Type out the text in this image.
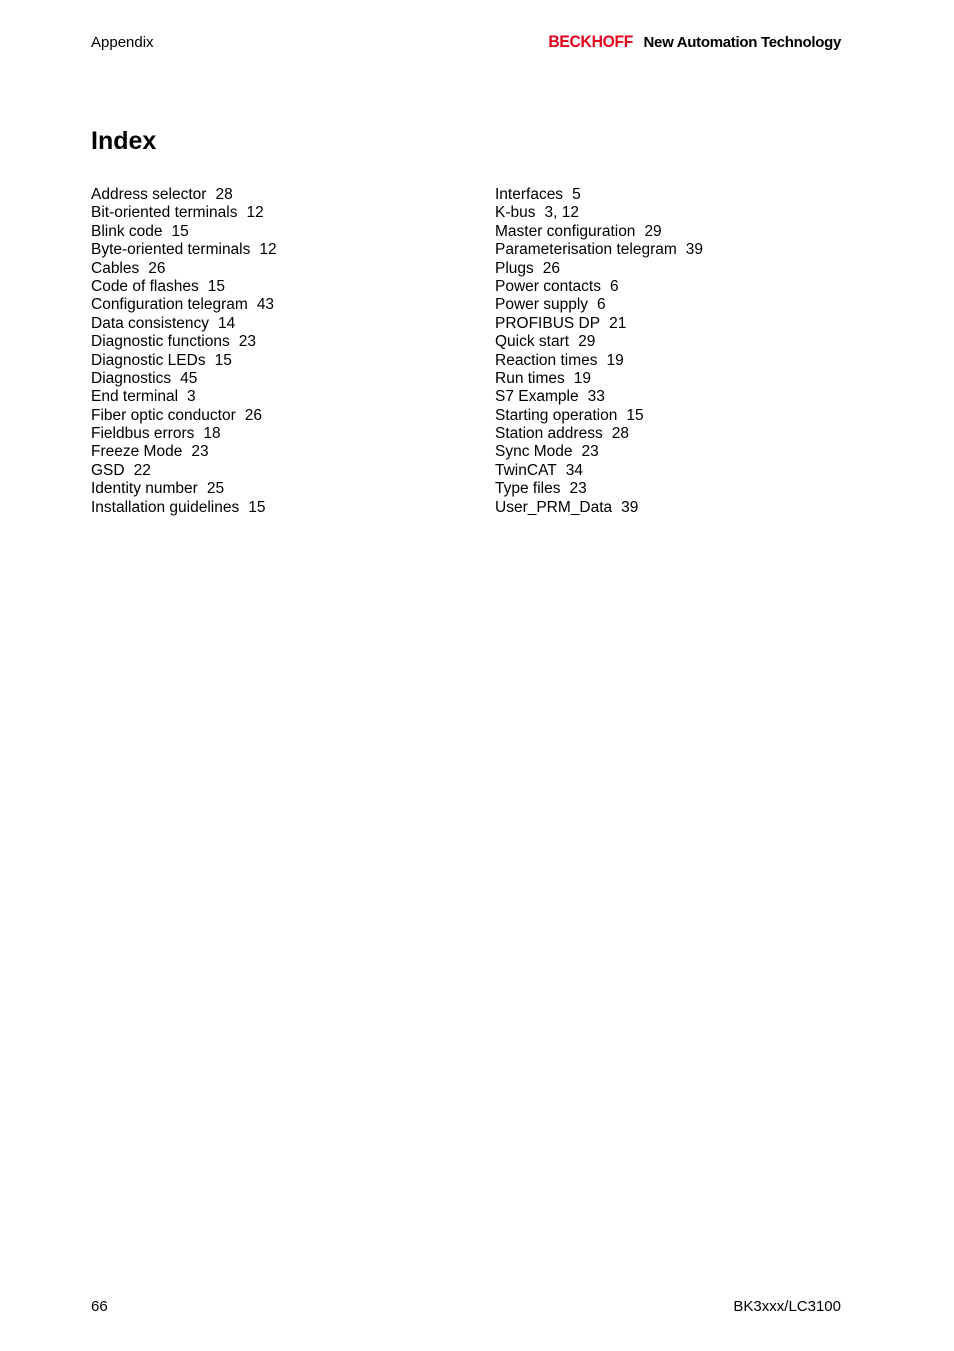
Appendix	BECKHOFF New Automation Technology
Index
Address selector 28
Bit-oriented terminals 12
Blink code 15
Byte-oriented terminals 12
Cables 26
Code of flashes 15
Configuration telegram 43
Data consistency 14
Diagnostic functions 23
Diagnostic LEDs 15
Diagnostics 45
End terminal 3
Fiber optic conductor 26
Fieldbus errors 18
Freeze Mode 23
GSD 22
Identity number 25
Installation guidelines 15
Interfaces 5
K-bus 3, 12
Master configuration 29
Parameterisation telegram 39
Plugs 26
Power contacts 6
Power supply 6
PROFIBUS DP 21
Quick start 29
Reaction times 19
Run times 19
S7 Example 33
Starting operation 15
Station address 28
Sync Mode 23
TwinCAT 34
Type files 23
User_PRM_Data 39
66	BK3xxx/LC3100
